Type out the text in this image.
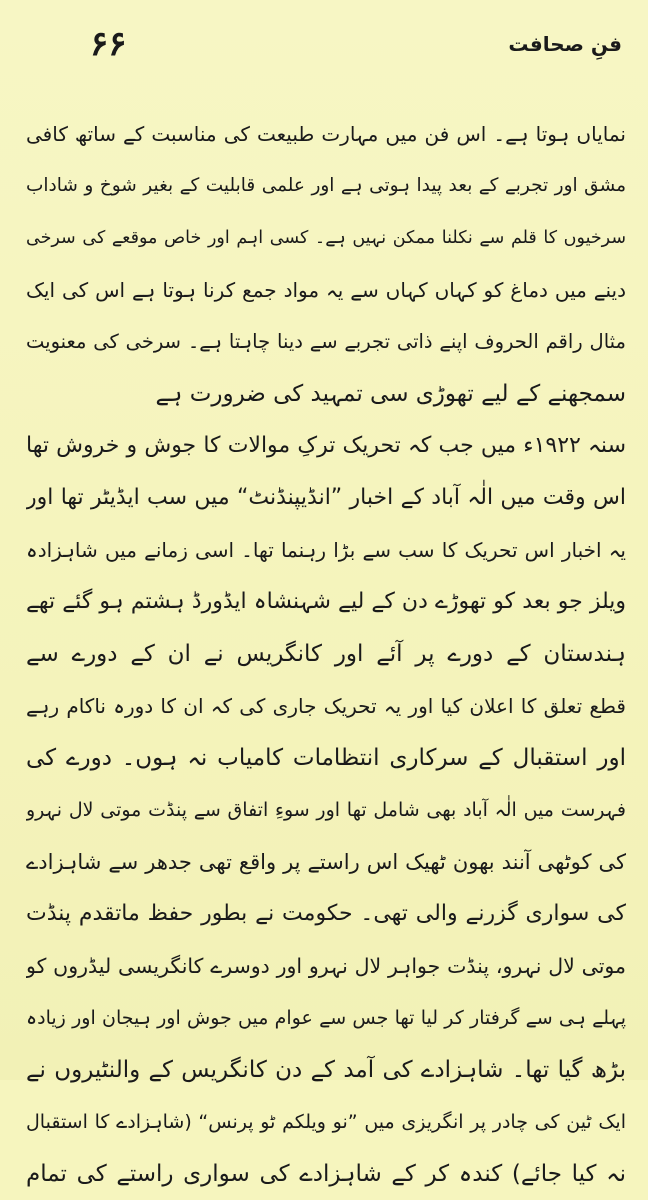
فنِ صحافت
۶۶
نمایاں ہوتا ہے۔ اس فن میں مہارت طبیعت کی مناسبت کے ساتھ کافی
مشق اور تجربے کے بعد پیدا ہوتی ہے اور علمی قابلیت کے بغیر شوخ و شاداب
سرخیوں کا قلم سے نکلنا ممکن نہیں ہے۔ کسی اہم اور خاص موقعے کی سرخی
دینے میں دماغ کو کہاں کہاں سے یہ مواد جمع کرنا ہوتا ہے اس کی ایک
مثال راقم الحروف اپنے ذاتی تجربے سے دینا چاہتا ہے۔ سرخی کی معنویت
سمجھنے کے لیے تھوڑی سی تمہید کی ضرورت ہے
سنہ ۱۹۲۲ء میں جب کہ تحریک ترکِ موالات کا جوش و خروش تھا
اس وقت میں الٰہ آباد کے اخبار ”انڈیپنڈنٹ“ میں سب ایڈیٹر تھا اور
یہ اخبار اس تحریک کا سب سے بڑا رہنما تھا۔ اسی زمانے میں شاہزادہ
ویلز جو بعد کو تھوڑے دن کے لیے شہنشاہ ایڈورڈ ہشتم ہو گئے تھے
ہندستان کے دورے پر آئے اور کانگریس نے ان کے دورے سے
قطع تعلق کا اعلان کیا اور یہ تحریک جاری کی کہ ان کا دورہ ناکام رہے
اور استقبال کے سرکاری انتظامات کامیاب نہ ہوں۔ دورے کی
فہرست میں الٰہ آباد بھی شامل تھا اور سوءِ اتفاق سے پنڈت موتی لال نہرو
کی کوٹھی آنند بھون ٹھیک اس راستے پر واقع تھی جدھر سے شاہزادے
کی سواری گزرنے والی تھی۔ حکومت نے بطور حفظ ماتقدم پنڈت
موتی لال نہرو، پنڈت جواہر لال نہرو اور دوسرے کانگریسی لیڈروں کو
پہلے ہی سے گرفتار کر لیا تھا جس سے عوام میں جوش اور ہیجان اور زیادہ
بڑھ گیا تھا۔ شاہزادے کی آمد کے دن کانگریس کے والنٹیروں نے
ایک ٹین کی چادر پر انگریزی میں ”نو ویلکم ٹو پرنس“ (شاہزادے کا استقبال
نہ کیا جائے) کندہ کر کے شاہزادے کی سواری راستے کی تمام
